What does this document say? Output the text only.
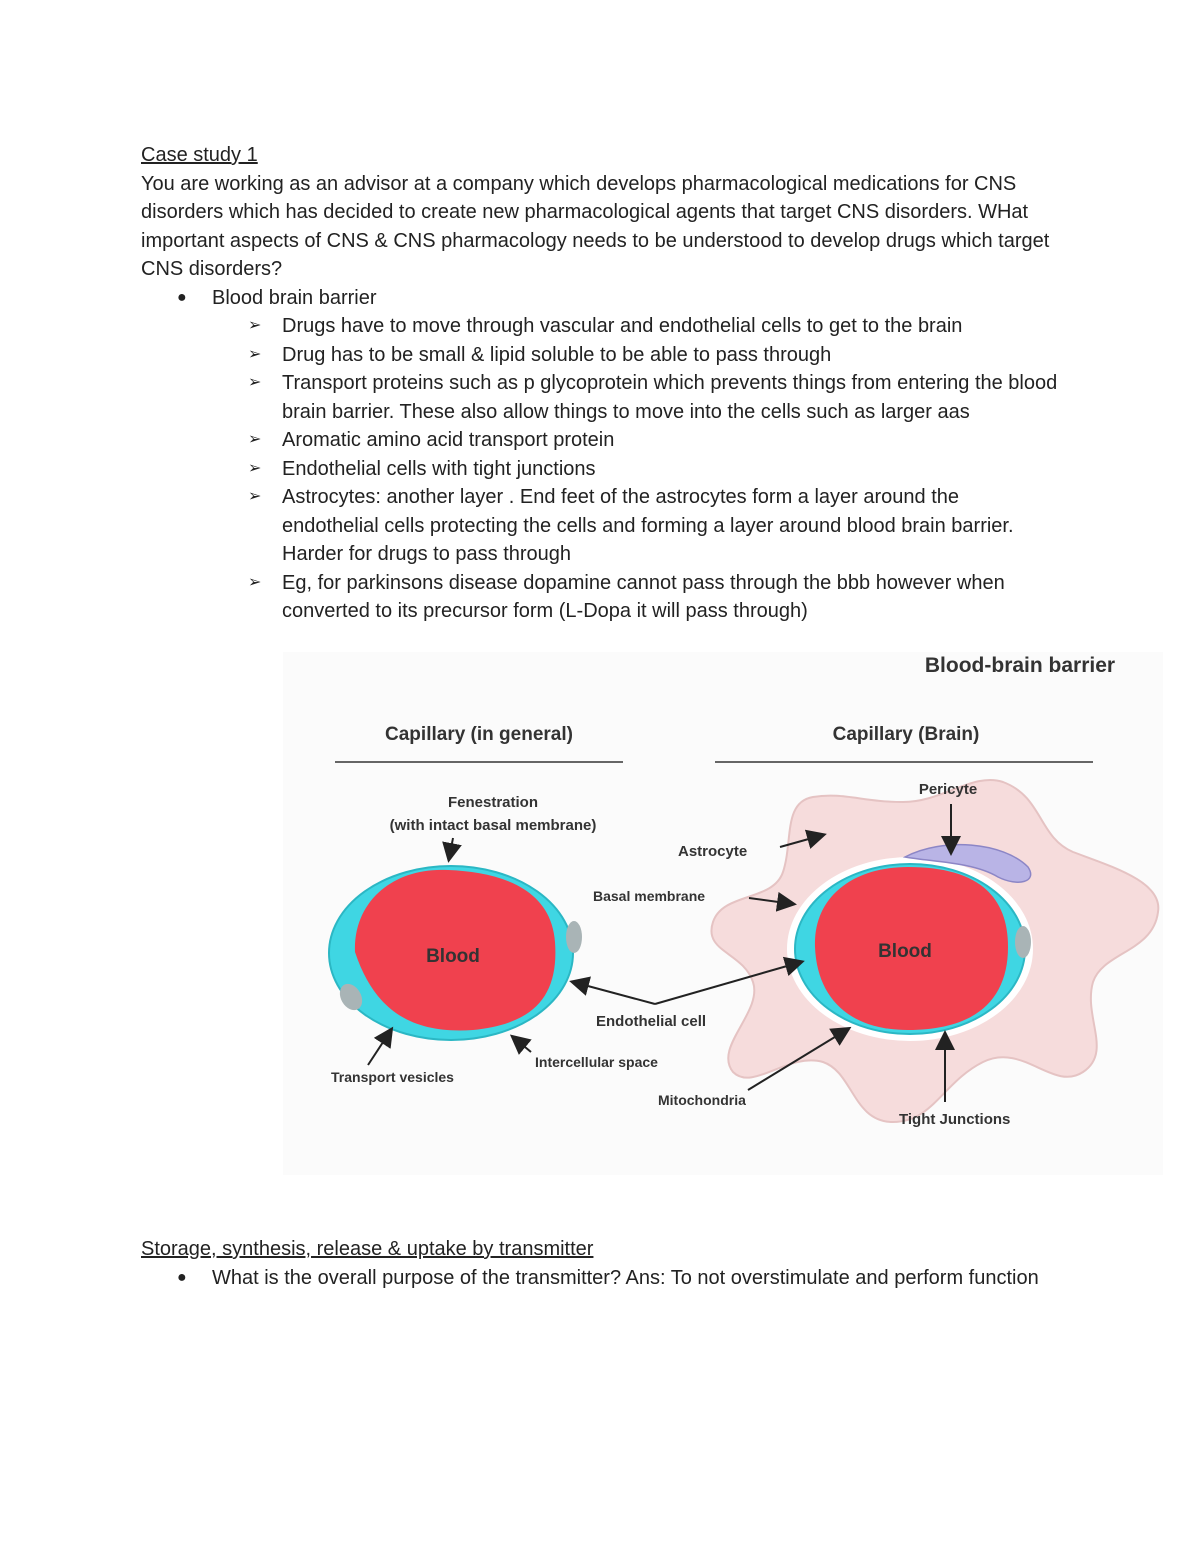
Case study 1
You are working as an advisor at a company which develops pharmacological medications for CNS disorders which has decided to create new pharmacological agents that target CNS disorders. WHat important aspects of CNS & CNS pharmacology needs to be understood to develop drugs which target CNS disorders?
● Blood brain barrier
➢ Drugs have to move through vascular and endothelial cells to get to the brain
➢ Drug has to be small & lipid soluble to be able to pass through
➢ Transport proteins such as p glycoprotein which prevents things from entering the blood brain barrier. These also allow things to move into the cells such as larger aas
➢ Aromatic amino acid transport protein
➢ Endothelial cells with tight junctions
➢ Astrocytes: another layer . End feet of the astrocytes form a layer around the endothelial cells protecting the cells and forming a layer around blood brain barrier. Harder for drugs to pass through
➢ Eg, for parkinsons disease dopamine cannot pass through the bbb however when converted to its precursor form (L-Dopa it will pass through)
Blood-brain barrier
Capillary (in general)	Capillary (Brain)
Blood	Blood
Fenestration
(with intact basal membrane)
Pericyte
Astrocyte
Basal membrane
Endothelial cell
Intercellular space
Transport vesicles
Mitochondria
Tight Junctions
Storage, synthesis, release & uptake by transmitter
● What is the overall purpose of the transmitter? Ans: To not overstimulate and perform function
